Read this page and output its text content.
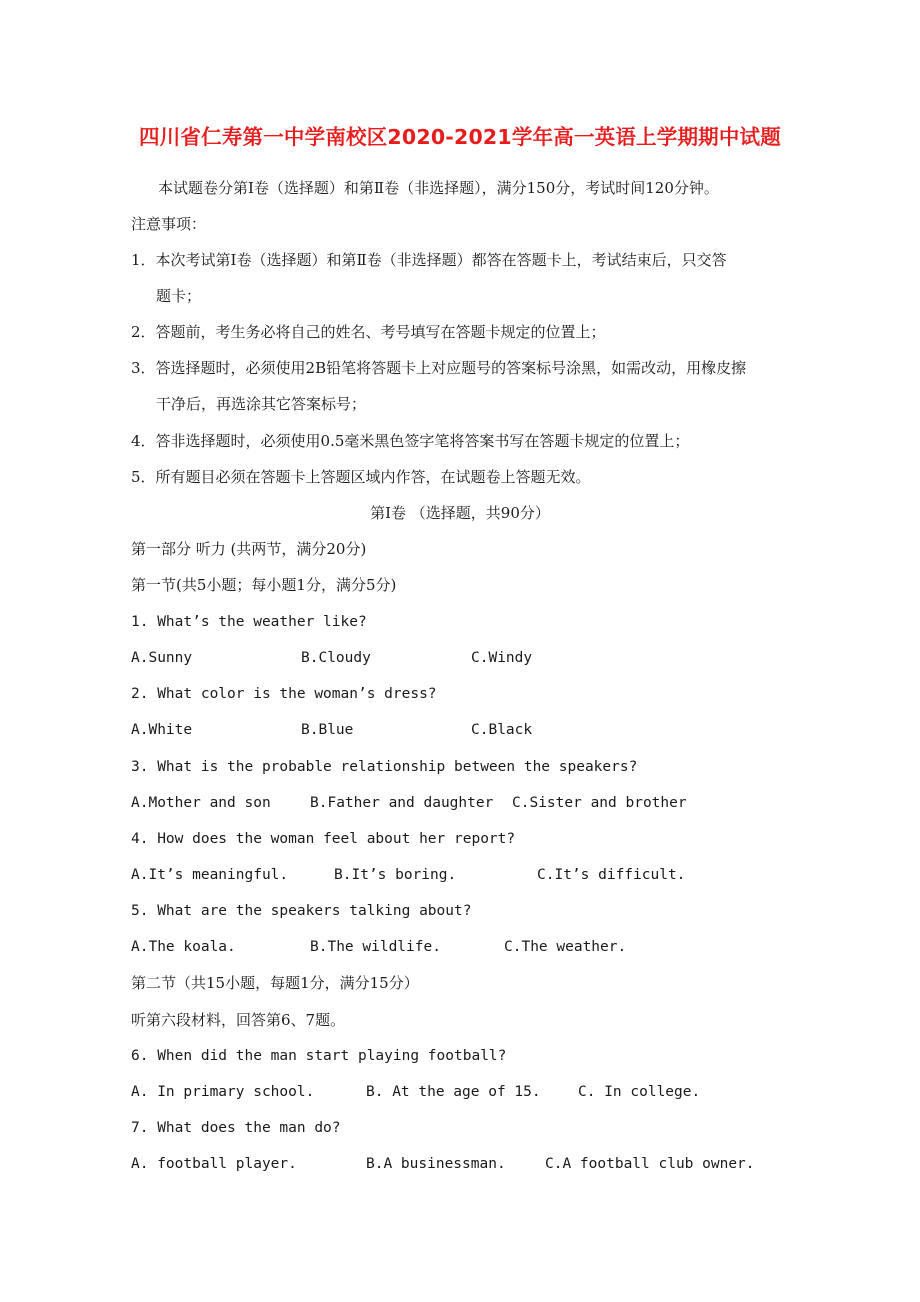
四川省仁寿第一中学南校区2020-2021学年高一英语上学期期中试题
本试题卷分第Ⅰ卷（选择题）和第Ⅱ卷（非选择题），满分150分，考试时间120分钟。
注意事项：
1．本次考试第Ⅰ卷（选择题）和第Ⅱ卷（非选择题）都答在答题卡上，考试结束后，只交答
题卡；
2．答题前，考生务必将自己的姓名、考号填写在答题卡规定的位置上；
3．答选择题时，必须使用2B铅笔将答题卡上对应题号的答案标号涂黑，如需改动，用橡皮擦
干净后，再选涂其它答案标号；
4．答非选择题时，必须使用0.5毫米黑色签字笔将答案书写在答题卡规定的位置上；
5．所有题目必须在答题卡上答题区域内作答，在试题卷上答题无效。
第I卷 （选择题，共90分）
第一部分 听力 (共两节，满分20分)
第一节(共5小题；每小题1分，满分5分)
1. What’s the weather like?
A.Sunny	B.Cloudy	C.Windy
2. What color is the woman’s dress?
A.White	B.Blue	C.Black
3. What is the probable relationship between the speakers?
A.Mother and son	B.Father and daughter C.Sister and brother
4. How does the woman feel about her report?
A.It’s meaningful.	B.It’s boring.	C.It’s difficult.
5. What are the speakers talking about?
A.The koala.	B.The wildlife.	C.The weather.
第二节（共15小题，每题1分，满分15分）
听第六段材料，回答第6、7题。
6. When did the man start playing football?
A. In primary school.	B. At the age of 15.	C. In college.
7. What does the man do?
A. football player.	B.A businessman.	C.A football club owner.
